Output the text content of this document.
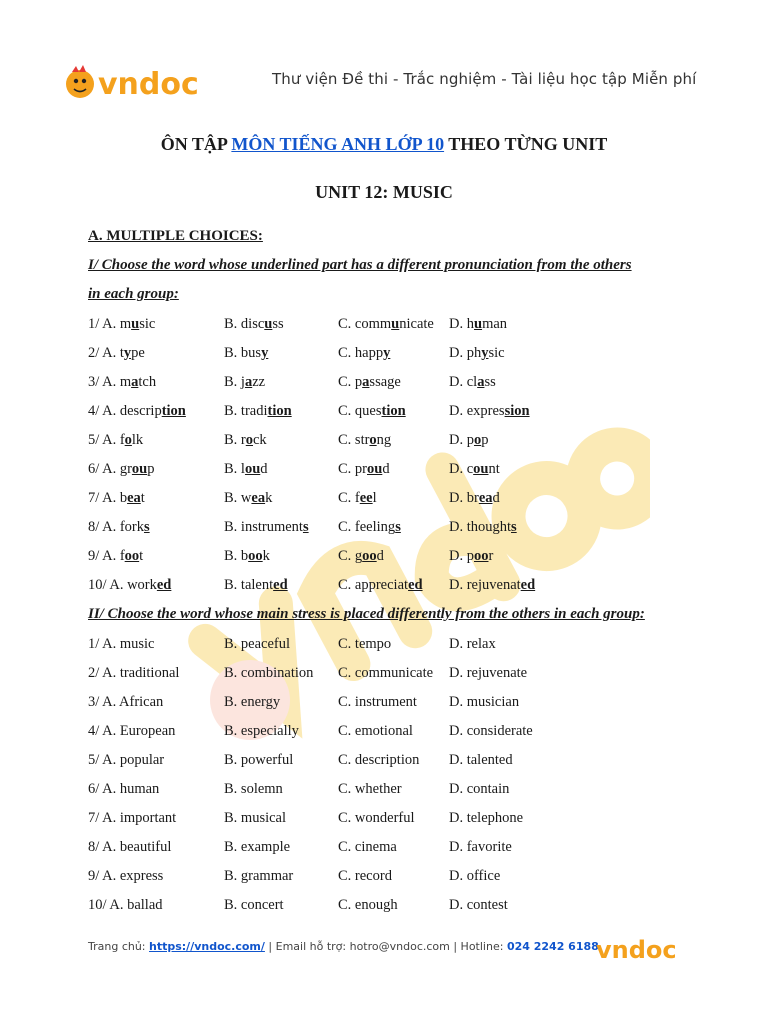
vndoc	Thư viện Đề thi - Trắc nghiệm - Tài liệu học tập Miễn phí
ÔN TẬP MÔN TIẾNG ANH LỚP 10 THEO TỪNG UNIT
UNIT 12: MUSIC
A. MULTIPLE CHOICES:
I/ Choose the word whose underlined part has a different pronunciation from the others
in each group:
1/ A. music	B. discuss	C. communicate D. human
2/ A. type	B. busy	C. happy	D. physic
3/ A. match	B. jazz	C. passage	D. class
4/ A. description	B. tradition	C. question	D. expression
5/ A. folk	B. rock	C. strong	D. pop
6/ A. group	B. loud	C. proud	D. count
7/ A. beat	B. weak	C. feel	D. bread
8/ A. forks	B. instruments C. feelings	D. thoughts
9/ A. foot	B. book	C. good	D. poor
10/ A. worked	B. talented	C. appreciated D. rejuvenated
II/ Choose the word whose main stress is placed differently from the others in each group:
1/ A. music	B. peaceful	C. tempo	D. relax
2/ A. traditional	B. combination C. communicate D. rejuvenate
3/ A. African	B. energy	C. instrument D. musician
4/ A. European	B. especially	C. emotional D. considerate
5/ A. popular	B. powerful	C. description D. talented
6/ A. human	B. solemn	C. whether	D. contain
7/ A. important	B. musical	C. wonderful D. telephone
8/ A. beautiful	B. example	C. cinema	D. favorite
9/ A. express	B. grammar	C. record	D. office
10/ A. ballad	B. concert	C. enough	D. contest
Trang chủ: https://vndoc.com/ | Email hỗ trợ: hotro@vndoc.com | Hotline: 024 2242 6188
vndoc
